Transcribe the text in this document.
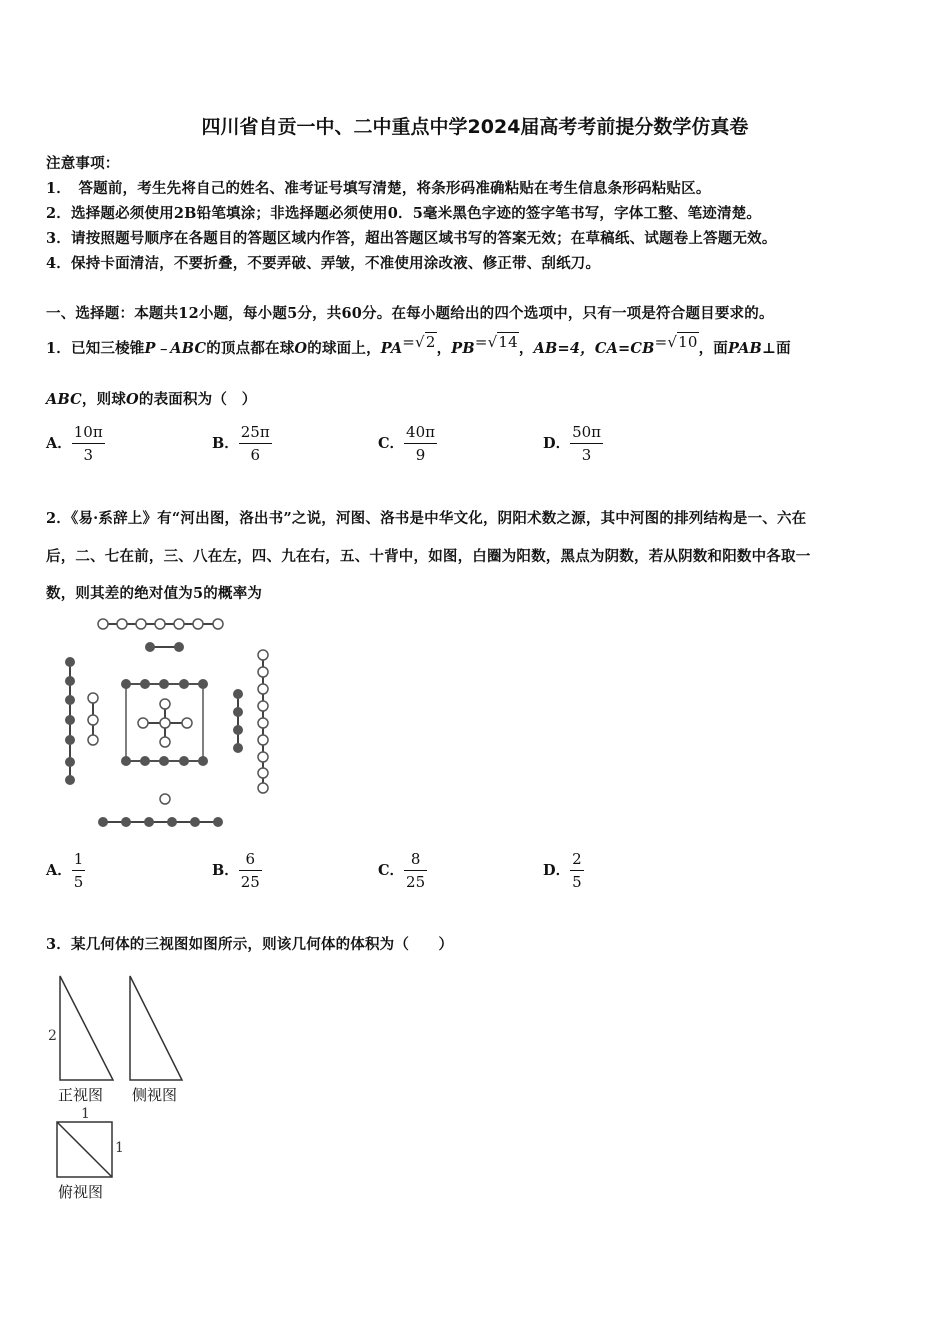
四川省自贡一中、二中重点中学2024届高考考前提分数学仿真卷
注意事项：
1．　答题前，考生先将自己的姓名、准考证号填写清楚，将条形码准确粘贴在考生信息条形码粘贴区。
2．选择题必须使用2B铅笔填涂；非选择题必须使用0．5毫米黑色字迹的签字笔书写，字体工整、笔迹清楚。
3．请按照题号顺序在各题目的答题区域内作答，超出答题区域书写的答案无效；在草稿纸、试题卷上答题无效。
4．保持卡面清洁，不要折叠，不要弄破、弄皱，不准使用涂改液、修正带、刮纸刀。
一、选择题：本题共12小题，每小题5分，共60分。在每小题给出的四个选项中，只有一项是符合题目要求的。
1．已知三棱锥P﹣ABC的顶点都在球O的球面上，PA=√2，PB=√14，AB=4，CA=CB=√10，面PAB⊥面
ABC，则球O的表面积为（　）
A． $\frac{10\pi}{3}$	B． $\frac{25\pi}{6}$	C． $\frac{40\pi}{9}$	D． $\frac{50\pi}{3}$
2．《易·系辞上》有“河出图，洛出书”之说，河图、洛书是中华文化，阴阳术数之源，其中河图的排列结构是一、六在
后，二、七在前，三、八在左，四、九在右，五、十背中，如图，白圈为阳数，黑点为阴数，若从阴数和阳数中各取一
数，则其差的绝对值为5的概率为
A． $\frac{1}{5}$	B． $\frac{6}{25}$	C． $\frac{8}{25}$	D． $\frac{2}{5}$
3．某几何体的三视图如图所示，则该几何体的体积为（　　）
2
正视图 侧视图
1
1
俯视图
